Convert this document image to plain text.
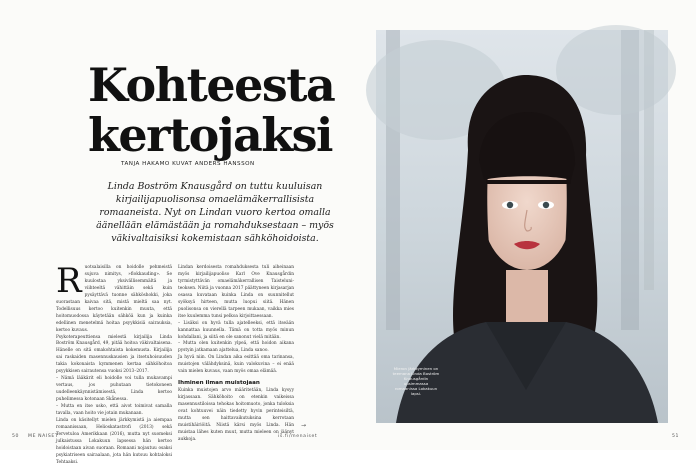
Kohteesta
kertojaksi
TANJA HAKAMO KUVAT ANDERS HANSSON

Linda Boström Knausgård on tuttu kuuluisan kirjailijapuolisonsa omaelämäkerrallisista romaaneista. Nyt on Lindan vuoro kertoa omalla äänellään elämästään ja romahduksestaan – myös väkivaltaisiksi kokemistaan sähköhoidoista.

R uotsalaisilla on hoidolle pehmeistä sujuva nimitys, »flokkauding». Se kuulostaa yksivällisemmältä ja viihteeltä vähittäin sekä kuin pysäyttävä tuonne sähköshokki, joka suorastaan kaivaa sitä, mistä mieltä saa nyt. Todellisuus kertoo kuitenkin muuta, että hoitomuodossa käytetään sähköä kun ja kuinka edellinen menetelmä hoitaa psyykkisiä sairauksia, kertoo kuvaus.

Psykoterapeuttiensa mielestä kirjailija Linda Boström Knausgård, 49, pitää hoitoa väkivaltaisena. Hänelle on sitä omakohtaista kokemusta. Kirjailija sai raskaiden masennuskausien ja itsetuhoisuuden takia kokonaista kymmenen kertaa sähköhoitoa psyykkisen sairautensa vuoksi 2013–2017.

– Nämä lääkärit eli hoidolle voi tulla mukavampi vertaus, jos puhutaan tietokoneen uudelleenkäynnistämisestä, Linda kertoo puhelimessa kotonaan Skånessa.

– Mutta en itse usko, että aivot toimivat samalla tavalla, vaan hoito vie jotain mukanaan.

Linda on käsitellyt mielen järkkymistä ja aiempaa romaanissaan, Helioskatastrofi (2013) sekä Tervetuloa Amerikkaan (2016), mutta nyt suomeksi julkaistussa Lokakuun lapsessa hän kertoo hoidoistaan aivan suoraan. Romaani nojautuu osaksi psykiatriseen sairaalaan, jota hän kutsuu kohtaloksi Tehtaaksi.

Lindan kerdoisesta romahduksesta tuli aiheinaan myös kirjailijapuoliso Karl Ove Knausgårdin tyrmistyttävän omaelämäkerrallisen Taisteluni-teoksen. Niitä ja vuonna 2017 päättyneen kirjasarjan osassa kuvataan kuinka Linda on suunnitellut syöksyä hirteen, mutta luopui siitä. Hänen puolisonsa on vierellä tarpeen mukaan, vaikka mies itse kuulemma tunsi pelkoa kirjoittaessaan.

– Lisäksi on hyvä tulla ajatelleeksi, että itseään kannattaa kuunnella. Tämä on totta myös minun kohdallani, ja siitä en ole sanonut vielä mitään.

– Mutta olen kuitenkin ylpeä, että hoidon aikana pystyin jatkamaan ajattelua, Linda sanoo.

Ja hyvä niin. On Lindan aika esittää oma tarinansa, muistojen välähdyksinä, kuin valokuvina – ei enää vain mielen kuvaus, vaan myös omaa elämää.

Ihminen ilman muistojaan

Kuinka muistojen arvo määritetään, Linda kysyy kirjassaan. Sähköhoito on etenkin vaikeissa masennustiloissa tehokas hoitomuoto, jonka tuloksia ovat kohtuuvei näin tiedetty hyvin perinteisiltä, mutta sen haittavaikutuksina kerrotaan muistihäiriöitä. Niistä kärsi myös Linda. Hän muistaa lähes kuten muut, mutta mieleen on jäänyt aukkoja.

→
50 ME NAISET	is.fi/menaiset	51
Mieron järkkyminen on teemana Linda Boström Knausgårdin uusimmassa romaanissa Lokakuun lapsi.
